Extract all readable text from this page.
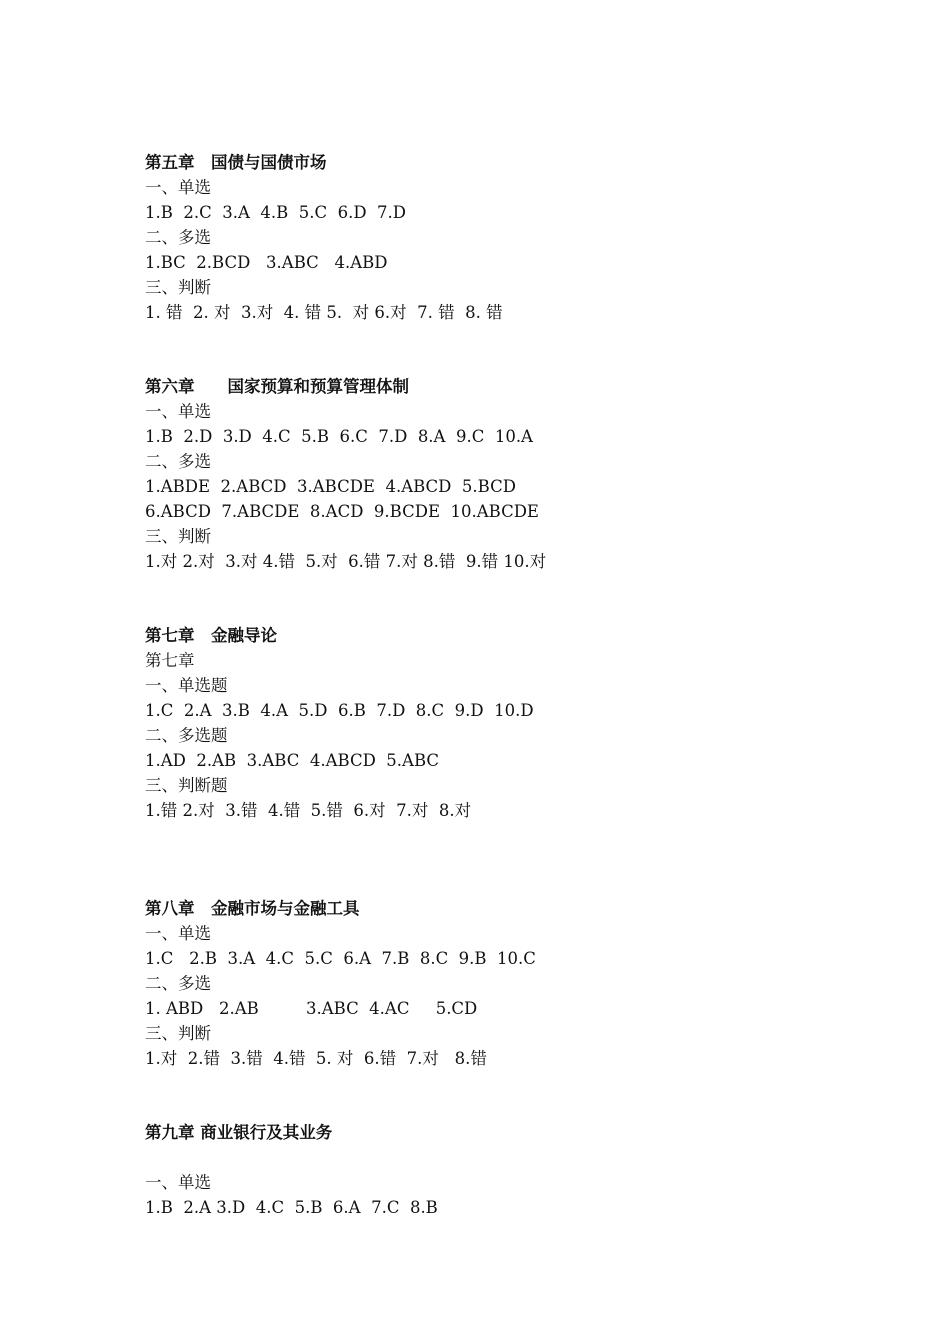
第五章　国债与国债市场
一、单选
1.B  2.C  3.A  4.B  5.C  6.D  7.D
二、多选
1.BC  2.BCD   3.ABC   4.ABD
三、判断
1. 错  2. 对  3.对  4. 错 5.  对 6.对  7. 错  8. 错
第六章　　国家预算和预算管理体制
一、单选
1.B  2.D  3.D  4.C  5.B  6.C  7.D  8.A  9.C  10.A
二、多选
1.ABDE  2.ABCD  3.ABCDE  4.ABCD  5.BCD
6.ABCD  7.ABCDE  8.ACD  9.BCDE  10.ABCDE
三、判断
1.对 2.对  3.对 4.错  5.对  6.错 7.对 8.错  9.错 10.对
第七章　金融导论
第七章
一、单选题
1.C  2.A  3.B  4.A  5.D  6.B  7.D  8.C  9.D  10.D
二、多选题
1.AD  2.AB  3.ABC  4.ABCD  5.ABC
三、判断题
1.错 2.对  3.错  4.错  5.错  6.对  7.对  8.对
第八章　金融市场与金融工具
一、单选
1.C   2.B  3.A  4.C  5.C  6.A  7.B  8.C  9.B  10.C
二、多选
1. ABD   2.AB         3.ABC  4.AC     5.CD
三、判断
1.对  2.错  3.错  4.错  5. 对  6.错  7.对   8.错
第九章 商业银行及其业务
一、单选
1.B  2.A 3.D  4.C  5.B  6.A  7.C  8.B
